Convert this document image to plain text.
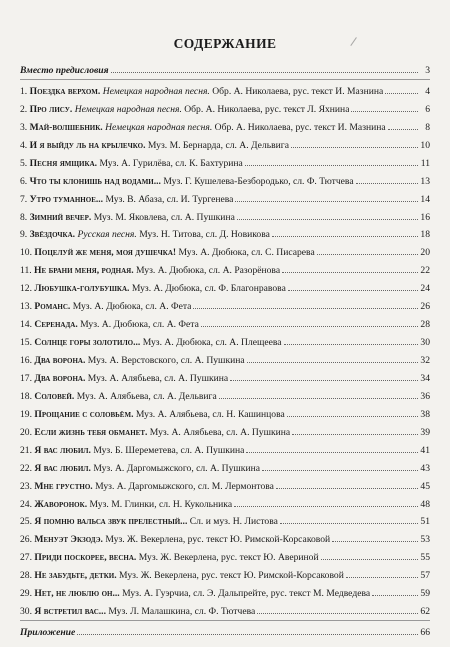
СОДЕРЖАНИЕ
Вместо предисловия	3
1. Поездка верхом. Немецкая народная песня. Обр. А. Николаева, рус. текст И. Мазнина	4
2. Про лису. Немецкая народная песня. Обр. А. Николаева, рус. текст Л. Яхнина	6
3. Май-волшебник. Немецкая народная песня. Обр. А. Николаева, рус. текст И. Мазнина	8
4. И я выйду ль на крылечко. Муз. М. Бернарда, сл. А. Дельвига	10
5. Песня ямщика. Муз. А. Гурилёва, сл. К. Бахтурина	11
6. Что ты клонишь над водами... Муз. Г. Кушелева-Безбородько, сл. Ф. Тютчева	13
7. Утро туманное... Муз. В. Абаза, сл. И. Тургенева	14
8. Зимний вечер. Муз. М. Яковлева, сл. А. Пушкина	16
9. Звёздочка. Русская песня. Муз. Н. Титова, сл. Д. Новикова	18
10. Поцелуй же меня, моя душечка! Муз. А. Дюбюка, сл. С. Писарева	20
11. Не брани меня, родная. Муз. А. Дюбюка, сл. А. Разорёнова	22
12. Любушка-голубушка. Муз. А. Дюбюка, сл. Ф. Благонравова	24
13. Романс. Муз. А. Дюбюка, сл. А. Фета	26
14. Серенада. Муз. А. Дюбюка, сл. А. Фета	28
15. Солнце горы золотило... Муз. А. Дюбюка, сл. А. Плещеева	30
16. Два ворона. Муз. А. Верстовского, сл. А. Пушкина	32
17. Два ворона. Муз. А. Алябьева, сл. А. Пушкина	34
18. Соловей. Муз. А. Алябьева, сл. А. Дельвига	36
19. Прощание с соловьём. Муз. А. Алябьева, сл. Н. Кашинцова	38
20. Если жизнь тебя обманет. Муз. А. Алябьева, сл. А. Пушкина	39
21. Я вас любил. Муз. Б. Шереметева, сл. А. Пушкина	41
22. Я вас любил. Муз. А. Даргомыжского, сл. А. Пушкина	43
23. Мне грустно. Муз. А. Даргомыжского, сл. М. Лермонтова	45
24. Жаворонок. Муз. М. Глинки, сл. Н. Кукольника	48
25. Я помню вальса звук прелестный... Сл. и муз. Н. Листова	51
26. Менуэт Экзодэ. Муз. Ж. Векерлена, рус. текст Ю. Римской-Корсаковой	53
27. Приди поскорее, весна. Муз. Ж. Векерлена, рус. текст Ю. Авериной	55
28. Не забудьте, детки. Муз. Ж. Векерлена, рус. текст Ю. Римской-Корсаковой	57
29. Нет, не люблю он... Муз. А. Гуэрчиа, сл. Э. Дальпрейте, рус. текст М. Медведева	59
30. Я встретил вас... Муз. Л. Малашкина, сл. Ф. Тютчева	62
Приложение	66
